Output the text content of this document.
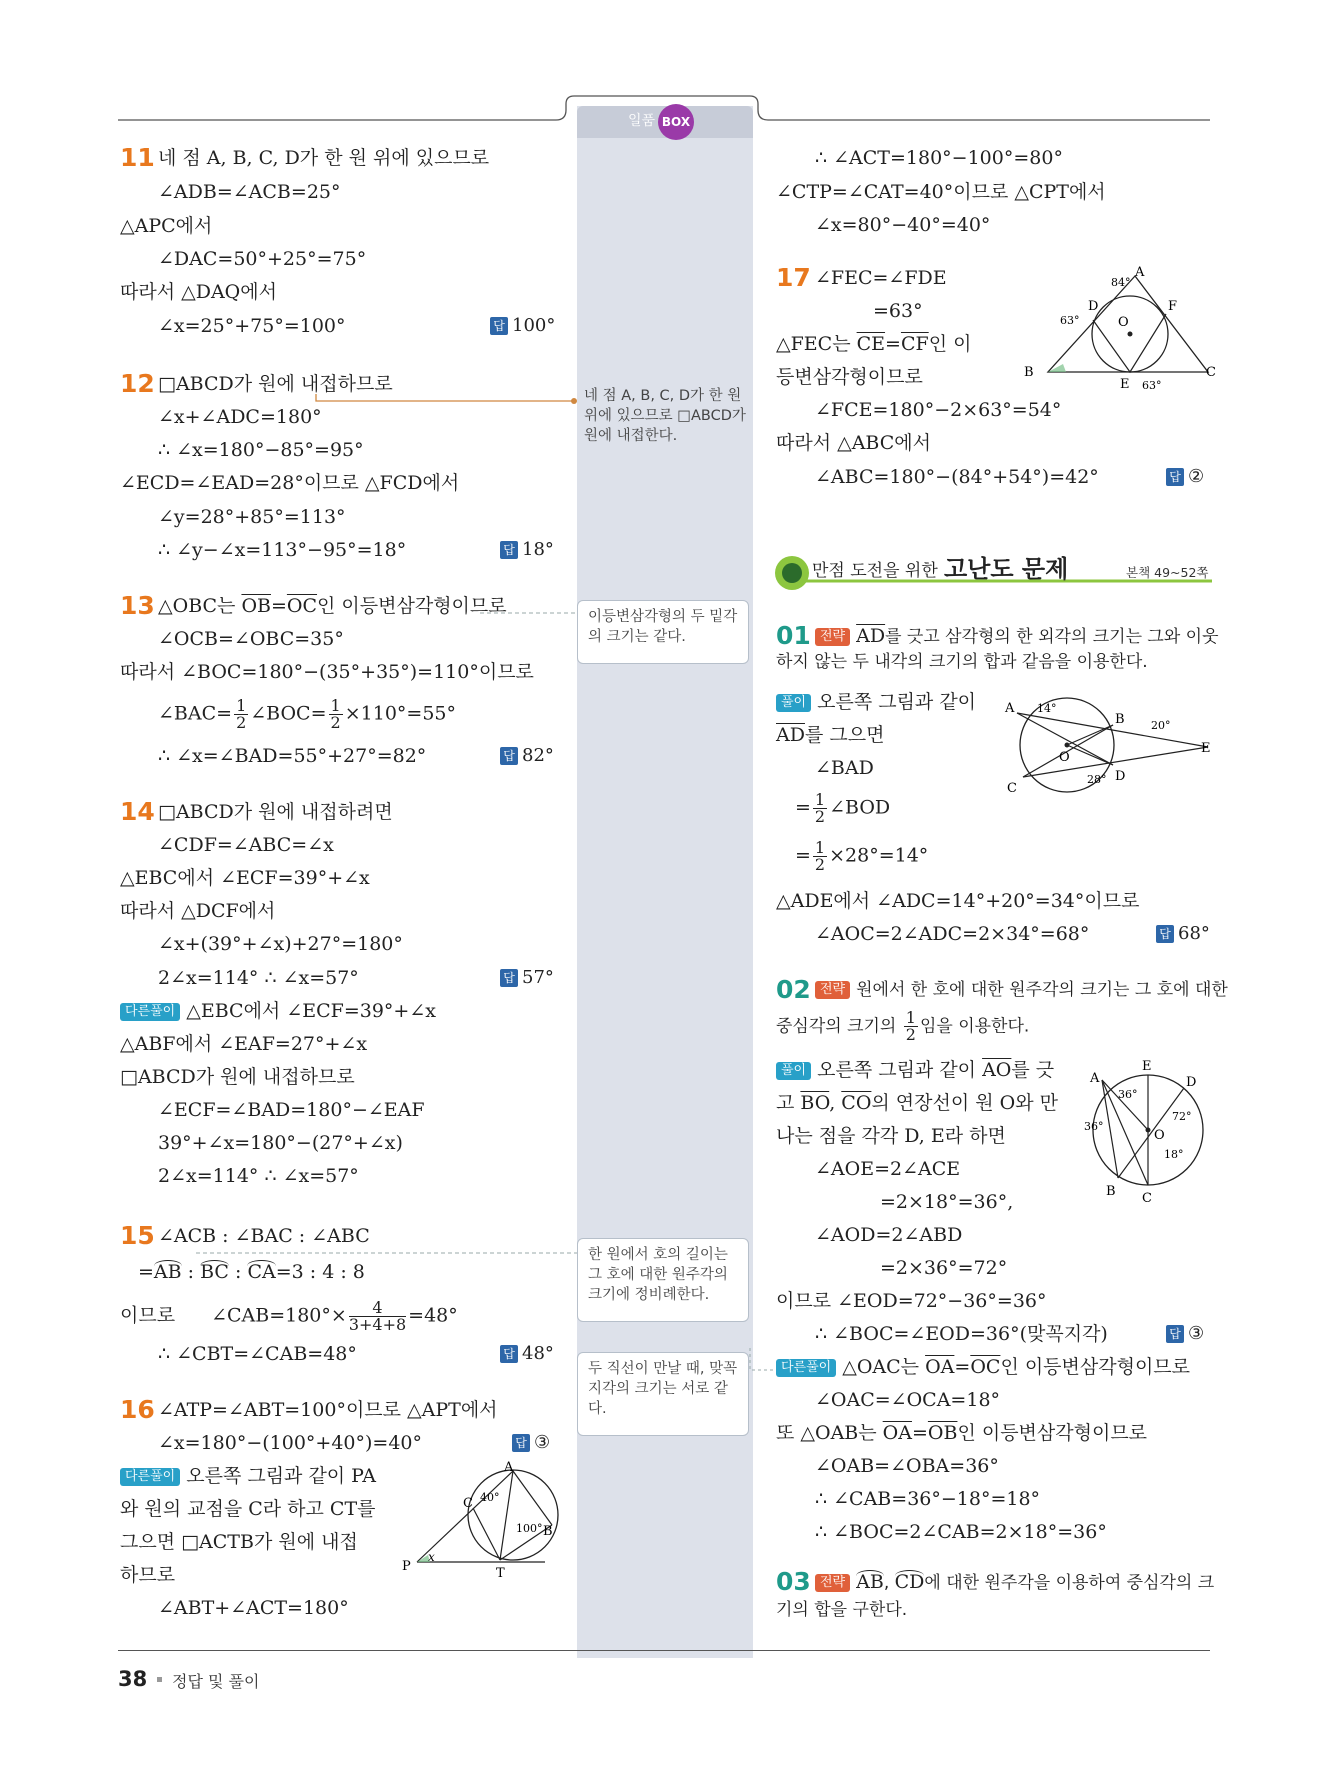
일품 BOX
11 네 점 A, B, C, D가 한 원 위에 있으므로
∠ADB=∠ACB=25°
△APC에서
∠DAC=50°+25°=75°
따라서 △DAQ에서
∠x=25°+75°=100°	답 100°
12 □ABCD가 원에 내접하므로
∠x+∠ADC=180°
∴ ∠x=180°−85°=95°
∠ECD=∠EAD=28°이므로 △FCD에서
∠y=28°+85°=113°
∴ ∠y−∠x=113°−95°=18°	답 18°
13 △OBC는 $\overline{OB}=\overline{OC}$인 이등변삼각형이므로
∠OCB=∠OBC=35°
따라서 ∠BOC=180°−(35°+35°)=110°이므로
∠BAC= $\frac{1}{2}$ ∠BOC= $\frac{1}{2} \times 110^\circ=55^\circ$
∴ ∠x=∠BAD=55°+27°=82°	답 82°
14 □ABCD가 원에 내접하려면
∠CDF=∠ABC=∠x
△EBC에서 ∠ECF=39°+∠x
따라서 △DCF에서
∠x+(39°+∠x)+27°=180°
2∠x=114° ∴ ∠x=57°	답 57°
다른풀이 △EBC에서 ∠ECF=39°+∠x
△ABF에서 ∠EAF=27°+∠x
□ABCD가 원에 내접하므로
∠ECF=∠BAD=180°−∠EAF
39°+∠x=180°−(27°+∠x)
2∠x=114° ∴ ∠x=57°
15 ∠ACB : ∠BAC : ∠ABC
=AB : BC : CA=3 : 4 : 8
이므로 ∠CAB=180°× $\frac{4}{3+4+8} =48^\circ$
∴ ∠CBT=∠CAB=48°	답 48°
16 ∠ATP=∠ABT=100°이므로 △APT에서
∠x=180°−(100°+40°)=40°	답 ③
다른풀이 오른쪽 그림과 같이 PA
와 원의 교점을 C라 하고 CT를
그으면 □ACTB가 원에 내접
하므로
∠ABT+∠ACT=180°
A
B
C
P	T
x
40°
100°
네 점 A, B, C, D가 한 원 위에 있으므로 □ABCD가 원에 내접한다.
이등변삼각형의 두 밑각의 크기는 같다.
한 원에서 호의 길이는 그 호에 대한 원주각의 크기에 정비례한다.
두 직선이 만날 때, 맞꼭지각의 크기는 서로 같다.
∴ ∠ACT=180°−100°=80°
∠CTP=∠CAT=40°이므로 △CPT에서
∠x=80°−40°=40°
17 ∠FEC=∠FDE
=63°
△FEC는 $\overline{CE}=\overline{CF}$인 이
등변삼각형이므로
∠FCE=180°−2×63°=54°
따라서 △ABC에서
∠ABC=180°−(84°+54°)=42°	답 ②
A
B	C
D
E
F
O
84°
63°
63°
만점 도전을 위한 고난도 문제	본책 49~52쪽
01 전략 $\overline{AD}$를 긋고 삼각형의 한 외각의 크기는 그와 이웃
하지 않는 두 내각의 크기의 합과 같음을 이용한다.
풀이 오른쪽 그림과 같이
$\overline{AD}$를 그으면
∠BAD
= $\frac{1}{2}$ ∠BOD
= $\frac{1}{2} \times 28^\circ=14^\circ$
△ADE에서 ∠ADC=14°+20°=34°이므로
∠AOC=2∠ADC=2×34°=68°	답 68°
A
B
C
D
E
O
14°
20°
28°
02 전략 원에서 한 호에 대한 원주각의 크기는 그 호에 대한
중심각의 크기의 $\frac{1}{2}$ 임을 이용한다.
풀이 오른쪽 그림과 같이 $\overline{AO}$를 긋
고 $\overline{BO}$, $\overline{CO}$의 연장선이 원 O와 만
나는 점을 각각 D, E라 하면
∠AOE=2∠ACE
=2×18°=36°,
∠AOD=2∠ABD
=2×36°=72°
이므로 ∠EOD=72°−36°=36°
∴ ∠BOC=∠EOD=36°(맞꼭지각)	답 ③
다른풀이 △OAC는 $\overline{OA}=\overline{OC}$인 이등변삼각형이므로
∠OAC=∠OCA=18°
또 △OAB는 $\overline{OA}=\overline{OB}$인 이등변삼각형이므로
∠OAB=∠OBA=36°
∴ ∠CAB=36°−18°=18°
∴ ∠BOC=2∠CAB=2×18°=36°
A
E
D
O
B C
36°
36°
72°
18°
03 전략 AB, CD에 대한 원주각을 이용하여 중심각의 크
기의 합을 구한다.
38 정답 및 풀이
